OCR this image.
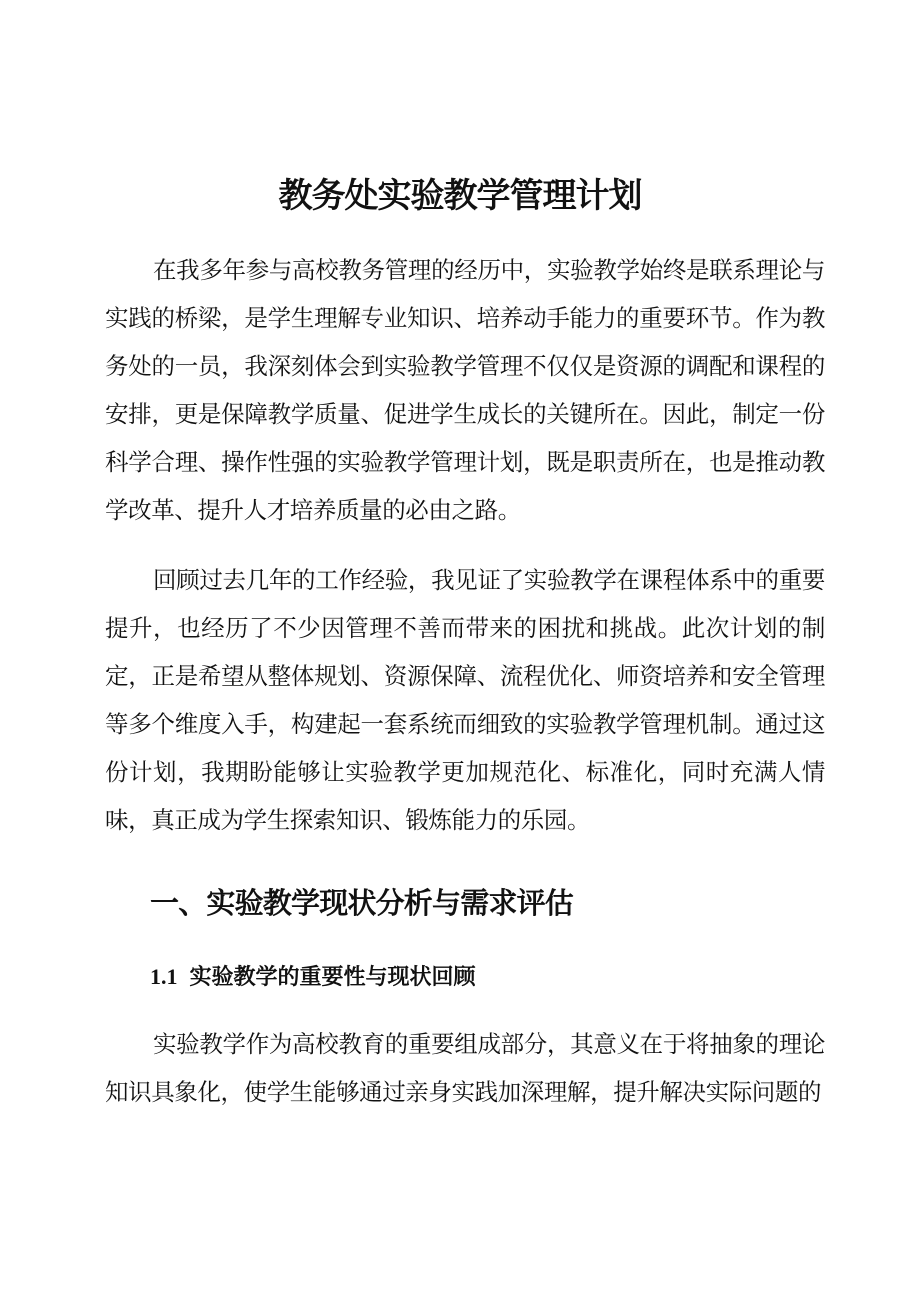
教务处实验教学管理计划

在我多年参与高校教务管理的经历中，实验教学始终是联系理论与实践的桥梁，是学生理解专业知识、培养动手能力的重要环节。作为教务处的一员，我深刻体会到实验教学管理不仅仅是资源的调配和课程的安排，更是保障教学质量、促进学生成长的关键所在。因此，制定一份科学合理、操作性强的实验教学管理计划，既是职责所在，也是推动教学改革、提升人才培养质量的必由之路。

回顾过去几年的工作经验，我见证了实验教学在课程体系中的重要提升，也经历了不少因管理不善而带来的困扰和挑战。此次计划的制定，正是希望从整体规划、资源保障、流程优化、师资培养和安全管理等多个维度入手，构建起一套系统而细致的实验教学管理机制。通过这份计划，我期盼能够让实验教学更加规范化、标准化，同时充满人情味，真正成为学生探索知识、锻炼能力的乐园。

一、实验教学现状分析与需求评估
1.1 实验教学的重要性与现状回顾

实验教学作为高校教育的重要组成部分，其意义在于将抽象的理论知识具象化，使学生能够通过亲身实践加深理解，提升解决实际问题的
